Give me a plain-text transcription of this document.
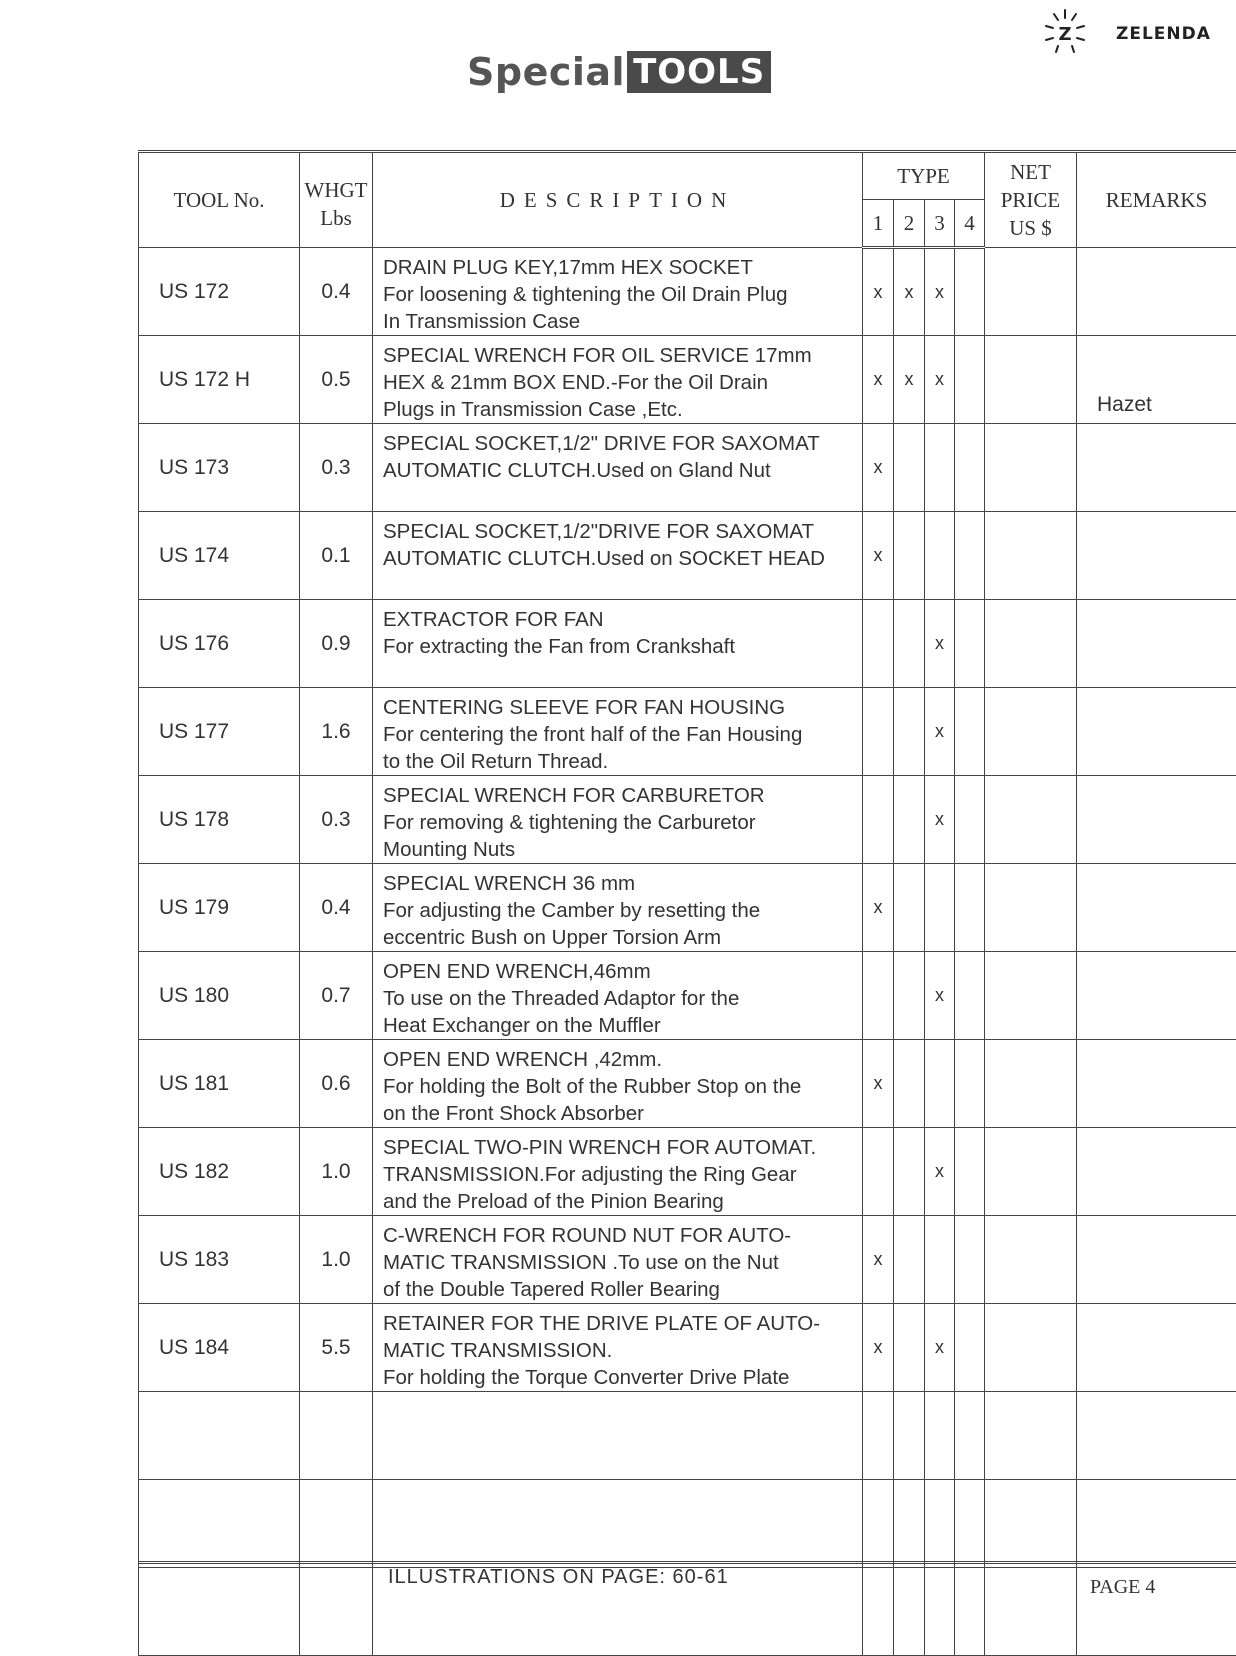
Special TOOLS
Z	ZELENDA
TOOL No.	WHGT
Lbs	DESCRIPTION	TYPE				NET
PRICE
US $	REMARKS
			1	2	3	4		
US 172	0.4	DRAIN PLUG KEY,17mm HEX SOCKET
For loosening & tightening the Oil Drain Plug
In Transmission Case	x	x	x			
US 172 H	0.5	SPECIAL WRENCH FOR OIL SERVICE 17mm
HEX & 21mm BOX END.-For the Oil Drain
Plugs in Transmission Case ,Etc.	x	x	x			Hazet
US 173	0.3	SPECIAL SOCKET,1/2" DRIVE FOR SAXOMAT
AUTOMATIC CLUTCH.Used on Gland Nut	x					
US 174	0.1	SPECIAL SOCKET,1/2"DRIVE FOR SAXOMAT
AUTOMATIC CLUTCH.Used on SOCKET HEAD	x					
US 176	0.9	EXTRACTOR FOR FAN
For extracting the Fan from Crankshaft			x			
US 177	1.6	CENTERING SLEEVE FOR FAN HOUSING
For centering the front half of the Fan Housing
to the Oil Return Thread.			x			
US 178	0.3	SPECIAL WRENCH FOR CARBURETOR
For removing & tightening the Carburetor
Mounting Nuts			x			
US 179	0.4	SPECIAL WRENCH 36 mm
For adjusting the Camber by resetting the
eccentric Bush on Upper Torsion Arm	x					
US 180	0.7	OPEN END WRENCH,46mm
To use on the Threaded Adaptor for the
Heat Exchanger on the Muffler			x			
US 181	0.6	OPEN END WRENCH ,42mm.
For holding the Bolt of the Rubber Stop on the
on the Front Shock Absorber	x					
US 182	1.0	SPECIAL TWO-PIN WRENCH FOR AUTOMAT.
TRANSMISSION.For adjusting the Ring Gear
and the Preload of the Pinion Bearing			x			
US 183	1.0	C-WRENCH FOR ROUND NUT FOR AUTO-
MATIC TRANSMISSION .To use on the Nut
of the Double Tapered Roller Bearing	x					
US 184	5.5	RETAINER FOR THE DRIVE PLATE OF AUTO-
MATIC TRANSMISSION.
For holding the Torque Converter Drive Plate	x		x			

ILLUSTRATIONS ON PAGE: 60-61	PAGE 4
